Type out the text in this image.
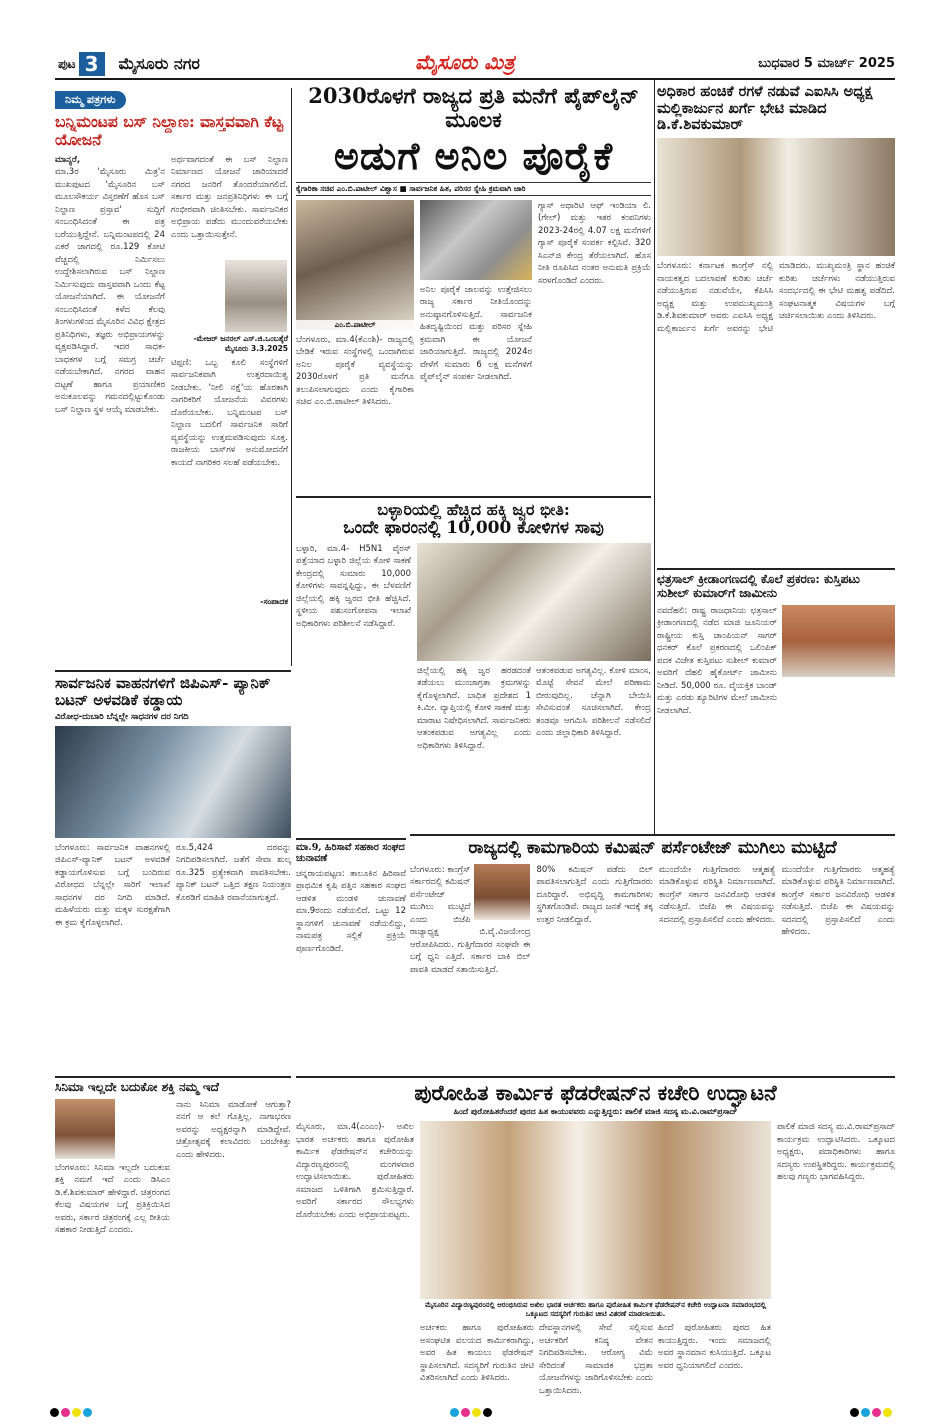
ಪುಟ 3	ಮೈಸೂರು ನಗರ	ಮೈಸೂರು ಮಿತ್ರ	ಬುಧವಾರ 5 ಮಾರ್ಚ್ 2025
ನಿಮ್ಮ ಪತ್ರಗಳು
ಬನ್ನಿಮಂಟಪ ಬಸ್ ನಿಲ್ದಾಣ: ವಾಸ್ತವವಾಗಿ ಕೆಟ್ಟ ಯೋಜನೆ
ಮಾನ್ಯರೆ,
ಮಾ.3ರ 'ಮೈಸೂರು ಮಿತ್ರ'ನ ಮುಖಪುಟದ 'ಮೈಸೂರಿನ ಬಸ್ ಮೂಲಸೌಕರ್ಯ ವಿಸ್ತರಣೆಗೆ ಹೊಸ ಬಸ್ ನಿಲ್ದಾಣ ಪ್ರಸ್ತಾವ' ಸುದ್ದಿಗೆ ಸಂಬಂಧಿಸಿದಂತೆ ಈ ಪತ್ರ ಬರೆಯುತ್ತಿದ್ದೇನೆ. ಬನ್ನಿಮಂಟಪದಲ್ಲಿ 24 ಎಕರೆ ಜಾಗದಲ್ಲಿ ರೂ.129 ಕೋಟಿ ವೆಚ್ಚದಲ್ಲಿ ನಿರ್ಮಿಸಲು ಉದ್ದೇಶಿಸಲಾಗಿರುವ ಬಸ್ ನಿಲ್ದಾಣ ನಿರ್ಮಿಸುವುದು ವಾಸ್ತವವಾಗಿ ಒಂದು ಕೆಟ್ಟ ಯೋಜನೆಯಾಗಿದೆ. ಈ ಯೋಜನೆಗೆ ಸಂಬಂಧಿಸಿದಂತೆ ಕಳೆದ ಕೆಲವು ತಿಂಗಳುಗಳಿಂದ ಮೈಸೂರಿನ ವಿವಿಧ ಕ್ಷೇತ್ರದ ಪ್ರತಿನಿಧಿಗಳು, ತಜ್ಞರು ಅಭಿಪ್ರಾಯಗಳನ್ನು ವ್ಯಕ್ತಪಡಿಸಿದ್ದಾರೆ. ಇದರ ಸಾಧಕ-ಬಾಧಕಗಳ ಬಗ್ಗೆ ಸಮಗ್ರ ಚರ್ಚೆ ನಡೆಯಬೇಕಾಗಿದೆ. ನಗರದ ವಾಹನ ದಟ್ಟಣೆ ಹಾಗೂ ಪ್ರಯಾಣಿಕರ ಅನುಕೂಲವನ್ನು ಗಮನದಲ್ಲಿಟ್ಟುಕೊಂಡು ಬಸ್ ನಿಲ್ದಾಣ ಸ್ಥಳ ಆಯ್ಕೆ ಮಾಡಬೇಕು.
ಅರ್ಥವಾಗದಂತೆ ಈ ಬಸ್ ನಿಲ್ದಾಣ ನಿರ್ಮಾಣದ ಯೋಜನೆ ಜಾರಿಯಾದರೆ ನಗರದ ಜನರಿಗೆ ತೊಂದರೆಯಾಗಲಿದೆ. ಸರ್ಕಾರ ಮತ್ತು ಜನಪ್ರತಿನಿಧಿಗಳು ಈ ಬಗ್ಗೆ ಗಂಭೀರವಾಗಿ ಚಿಂತಿಸಬೇಕು. ಸಾರ್ವಜನಿಕರ ಅಭಿಪ್ರಾಯ ಪಡೆದು ಮುಂದುವರೆಯಬೇಕು ಎಂದು ಒತ್ತಾಯಿಸುತ್ತೇನೆ.
-ಮೇಜರ್ ಜನರಲ್ ಎಸ್.ಜಿ.ಒಂಬತ್ಕೆರೆ
ಮೈಸೂರು 3.3.2025
ಟಿಪ್ಪಣಿ: ಒಬ್ಬ ಕೂಲಿ ಸಂಸ್ಥೆಗಳಿಗೆ ಸಾರ್ವಜನಿಕವಾಗಿ ಉತ್ತರದಾಯಿತ್ವ ನೀಡಬೇಕು. 'ನೀಲಿ ನಕ್ಷೆ'ಯ ಹೊರತಾಗಿ ನಾಗರಿಕರಿಗೆ ಯೋಜನೆಯ ವಿವರಗಳು ದೊರೆಯಬೇಕು. ಬನ್ನಿಮಂಟಪ ಬಸ್ ನಿಲ್ದಾಣ ಬದಲಿಗೆ ಸಾರ್ವಜನಿಕ ಸಾರಿಗೆ ವ್ಯವಸ್ಥೆಯನ್ನು ಉತ್ತಮಪಡಿಸುವುದು ಸೂಕ್ತ. ರಾಜಕೀಯ ಬಾಸ್‌ಗಳ ಅನುಮೋದನೆಗೆ ಕಾಯದೆ ನಾಗರಿಕರ ಸಲಹೆ ಪಡೆಯಬೇಕು.
-ಸಂಪಾದಕ
2030ರೊಳಗೆ ರಾಜ್ಯದ ಪ್ರತಿ ಮನೆಗೆ ಪೈಪ್‌ಲೈನ್ ಮೂಲಕ
ಅಡುಗೆ ಅನಿಲ ಪೂರೈಕೆ
ಕೈಗಾರಿಕಾ ಸಚಿವ ಎಂ.ಬಿ.ಪಾಟೀಲ್ ವಿಶ್ವಾಸ ■ ಸಾರ್ವಜನಿಕ ಹಿತ, ಪರಿಸರ ಸ್ನೇಹಿ ಕ್ರಮವಾಗಿ ಜಾರಿ
ಎಂ.ಬಿ.ಪಾಟೀಲ್
ಬೆಂಗಳೂರು, ಮಾ.4(ಕೆಎಂಶಿ)- ರಾಜ್ಯದಲ್ಲಿ ಬೇಡಿಕೆ ಇರುವ ಸಂಸ್ಥೆಗಳಲ್ಲಿ ಒಂದಾಗಿರುವ ಅನಿಲ ಪೂರೈಕೆ ವ್ಯವಸ್ಥೆಯನ್ನು 2030ರೊಳಗೆ ಪ್ರತಿ ಮನೆಗೂ ತಲುಪಿಸಲಾಗುವುದು ಎಂದು ಕೈಗಾರಿಕಾ ಸಚಿವ ಎಂ.ಬಿ.ಪಾಟೀಲ್ ತಿಳಿಸಿದರು.
ಅನಿಲ ಪೂರೈಕೆ ಜಾಲವನ್ನು ಉತ್ತೇಜಿಸಲು ರಾಜ್ಯ ಸರ್ಕಾರ ನೀತಿಯೊಂದನ್ನು ಅನುಷ್ಠಾನಗೊಳಿಸುತ್ತಿದೆ. ಸಾರ್ವಜನಿಕ ಹಿತದೃಷ್ಟಿಯಿಂದ ಮತ್ತು ಪರಿಸರ ಸ್ನೇಹಿ ಕ್ರಮವಾಗಿ ಈ ಯೋಜನೆ ಜಾರಿಯಾಗುತ್ತಿದೆ. ರಾಜ್ಯದಲ್ಲಿ 2024ರ ವೇಳೆಗೆ ಸುಮಾರು 6 ಲಕ್ಷ ಮನೆಗಳಿಗೆ ಪೈಪ್‌ಲೈನ್ ಸಂಪರ್ಕ ನೀಡಲಾಗಿದೆ.
ಗ್ಯಾಸ್ ಅಥಾರಿಟಿ ಆಫ್ ಇಂಡಿಯಾ ಲಿ. (ಗೇಲ್) ಮತ್ತು ಇತರ ಕಂಪನಿಗಳು 2023-24ರಲ್ಲಿ 4.07 ಲಕ್ಷ ಮನೆಗಳಿಗೆ ಗ್ಯಾಸ್ ಪೂರೈಕೆ ಸಂಪರ್ಕ ಕಲ್ಪಿಸಿವೆ. 320 ಸಿಎನ್‌ಜಿ ಕೇಂದ್ರ ತೆರೆಯಲಾಗಿದೆ. ಹೊಸ ನೀತಿ ರೂಪಿಸಿದ ನಂತರ ಅನುಮತಿ ಪ್ರಕ್ರಿಯೆ ಸರಳಗೊಂಡಿದೆ ಎಂದರು.
ಅಧಿಕಾರ ಹಂಚಿಕೆ ರಗಳೆ ನಡುವೆ ಎಐಸಿಸಿ ಅಧ್ಯಕ್ಷ ಮಲ್ಲಿಕಾರ್ಜುನ ಖರ್ಗೆ ಭೇಟಿ ಮಾಡಿದ ಡಿ.ಕೆ.ಶಿವಕುಮಾರ್
ಬೆಂಗಳೂರು: ಕರ್ನಾಟಕ ಕಾಂಗ್ರೆಸ್ ನಲ್ಲಿ ನಾಯಕತ್ವದ ಬದಲಾವಣೆ ಕುರಿತು ಚರ್ಚೆ ನಡೆಯುತ್ತಿರುವ ನಡುವೆಯೇ, ಕೆಪಿಸಿಸಿ ಅಧ್ಯಕ್ಷ ಮತ್ತು ಉಪಮುಖ್ಯಮಂತ್ರಿ ಡಿ.ಕೆ.ಶಿವಕುಮಾರ್ ಅವರು ಎಐಸಿಸಿ ಅಧ್ಯಕ್ಷ ಮಲ್ಲಿಕಾರ್ಜುನ ಖರ್ಗೆ ಅವರನ್ನು ಭೇಟಿ ಮಾಡಿದರು. ಮುಖ್ಯಮಂತ್ರಿ ಸ್ಥಾನ ಹಂಚಿಕೆ ಕುರಿತು ಚರ್ಚೆಗಳು ನಡೆಯುತ್ತಿರುವ ಸಂದರ್ಭದಲ್ಲಿ ಈ ಭೇಟಿ ಮಹತ್ವ ಪಡೆದಿದೆ. ಸಂಘಟನಾತ್ಮಕ ವಿಷಯಗಳ ಬಗ್ಗೆ ಚರ್ಚಿಸಲಾಯಿತು ಎಂದು ತಿಳಿಸಿದರು.
ಛತ್ರಸಾಲ್ ಕ್ರೀಡಾಂಗಣದಲ್ಲಿ ಕೊಲೆ ಪ್ರಕರಣ: ಕುಸ್ತಿಪಟು ಸುಶೀಲ್ ಕುಮಾರ್‌ಗೆ ಜಾಮೀನು
ನವದೆಹಲಿ: ರಾಷ್ಟ್ರ ರಾಜಧಾನಿಯ ಛತ್ರಸಾಲ್ ಕ್ರೀಡಾಂಗಣದಲ್ಲಿ ನಡೆದ ಮಾಜಿ ಜೂನಿಯರ್ ರಾಷ್ಟ್ರೀಯ ಕುಸ್ತಿ ಚಾಂಪಿಯನ್ ಸಾಗರ್ ಧನಕರ್ ಕೊಲೆ ಪ್ರಕರಣದಲ್ಲಿ ಒಲಿಂಪಿಕ್ ಪದಕ ವಿಜೇತ ಕುಸ್ತಿಪಟು ಸುಶೀಲ್ ಕುಮಾರ್ ಅವರಿಗೆ ದೆಹಲಿ ಹೈಕೋರ್ಟ್ ಜಾಮೀನು ನೀಡಿದೆ. 50,000 ರೂ. ವೈಯಕ್ತಿಕ ಬಾಂಡ್ ಮತ್ತು ಎರಡು ಶ್ಯೂರಿಟಿಗಳ ಮೇಲೆ ಜಾಮೀನು ನೀಡಲಾಗಿದೆ.
ಬಳ್ಳಾರಿಯಲ್ಲಿ ಹೆಚ್ಚಿದ ಹಕ್ಕಿ ಜ್ವರ ಭೀತಿ:
ಒಂದೇ ಫಾರಂನಲ್ಲಿ 10,000 ಕೋಳಿಗಳ ಸಾವು
ಬಳ್ಳಾರಿ, ಮಾ.4- H5N1 ವೈರಸ್ ಪತ್ತೆಯಾದ ಬಳ್ಳಾರಿ ಜಿಲ್ಲೆಯ ಕೋಳಿ ಸಾಕಣೆ ಕೇಂದ್ರದಲ್ಲಿ ಸುಮಾರು 10,000 ಕೋಳಿಗಳು ಸಾವನ್ನಪ್ಪಿದ್ದು, ಈ ಬೆಳವಣಿಗೆ ಜಿಲ್ಲೆಯಲ್ಲಿ ಹಕ್ಕಿ ಜ್ವರದ ಭೀತಿ ಹೆಚ್ಚಿಸಿದೆ. ಸ್ಥಳೀಯ ಪಶುಸಂಗೋಪನಾ ಇಲಾಖೆ ಅಧಿಕಾರಿಗಳು ಪರಿಶೀಲನೆ ನಡೆಸಿದ್ದಾರೆ.
ಜಿಲ್ಲೆಯಲ್ಲಿ ಹಕ್ಕಿ ಜ್ವರ ಹರಡದಂತೆ ತಡೆಯಲು ಮುಂಜಾಗ್ರತಾ ಕ್ರಮಗಳನ್ನು ಕೈಗೊಳ್ಳಲಾಗಿದೆ. ಬಾಧಿತ ಪ್ರದೇಶದ 1 ಕಿ.ಮೀ. ವ್ಯಾಪ್ತಿಯಲ್ಲಿ ಕೋಳಿ ಸಾಕಣೆ ಮತ್ತು ಮಾರಾಟ ನಿಷೇಧಿಸಲಾಗಿದೆ. ಸಾರ್ವಜನಿಕರು ಆತಂಕಪಡುವ ಅಗತ್ಯವಿಲ್ಲ ಎಂದು ಅಧಿಕಾರಿಗಳು ತಿಳಿಸಿದ್ದಾರೆ.
ಆತಂಕಪಡುವ ಅಗತ್ಯವಿಲ್ಲ. ಕೋಳಿ ಮಾಂಸ, ಮೊಟ್ಟೆ ಸೇವನೆ ಮೇಲೆ ಪರಿಣಾಮ ಬೀರುವುದಿಲ್ಲ. ಚೆನ್ನಾಗಿ ಬೇಯಿಸಿ ಸೇವಿಸುವಂತೆ ಸೂಚಿಸಲಾಗಿದೆ. ಕೇಂದ್ರ ತಂಡವೂ ಆಗಮಿಸಿ ಪರಿಶೀಲನೆ ನಡೆಸಲಿದೆ ಎಂದು ಜಿಲ್ಲಾಧಿಕಾರಿ ತಿಳಿಸಿದ್ದಾರೆ.
ಸಾರ್ವಜನಿಕ ವಾಹನಗಳಿಗೆ ಜಿಪಿಎಸ್- ಪ್ಯಾನಿಕ್ ಬಟನ್ ಅಳವಡಿಕೆ ಕಡ್ಡಾಯ
ವಿರೋಧ-ದುಬಾರಿ ಬೆನ್ನಲ್ಲೇ ಸಾಧನಗಳ ದರ ನಿಗದಿ
ಬೆಂಗಳೂರು: ಸಾರ್ವಜನಿಕ ವಾಹನಗಳಲ್ಲಿ ಜಿಪಿಎಸ್-ಪ್ಯಾನಿಕ್ ಬಟನ್ ಅಳವಡಿಕೆ ಕಡ್ಡಾಯಗೊಳಿಸುವ ಬಗ್ಗೆ ಬಂದಿರುವ ವಿರೋಧದ ಬೆನ್ನಲ್ಲೇ ಸಾರಿಗೆ ಇಲಾಖೆ ಸಾಧನಗಳ ದರ ನಿಗದಿ ಮಾಡಿದೆ. ಮಹಿಳೆಯರು ಮತ್ತು ಮಕ್ಕಳ ಸುರಕ್ಷತೆಗಾಗಿ ಈ ಕ್ರಮ ಕೈಗೊಳ್ಳಲಾಗಿದೆ.
ರೂ.5,424 ದರವನ್ನು ನಿಗದಿಪಡಿಸಲಾಗಿದೆ. ಜತೆಗೆ ಸೇವಾ ಶುಲ್ಕ ರೂ.325 ಪ್ರತ್ಯೇಕವಾಗಿ ಪಾವತಿಸಬೇಕು. ಪ್ಯಾನಿಕ್ ಬಟನ್ ಒತ್ತಿದ ತಕ್ಷಣ ನಿಯಂತ್ರಣ ಕೊಠಡಿಗೆ ಮಾಹಿತಿ ರವಾನೆಯಾಗುತ್ತದೆ.
ಮಾ.9, ಹಿರಿಸಾವೆ ಸಹಕಾರ ಸಂಘದ ಚುನಾವಣೆ
ಚನ್ನರಾಯಪಟ್ಟಣ: ತಾಲೂಕಿನ ಹಿರಿಸಾವೆ ಪ್ರಾಥಮಿಕ ಕೃಷಿ ಪತ್ತಿನ ಸಹಕಾರ ಸಂಘದ ಆಡಳಿತ ಮಂಡಳಿ ಚುನಾವಣೆ ಮಾ.9ರಂದು ನಡೆಯಲಿದೆ. ಒಟ್ಟು 12 ಸ್ಥಾನಗಳಿಗೆ ಚುನಾವಣೆ ನಡೆಯಲಿದ್ದು, ನಾಮಪತ್ರ ಸಲ್ಲಿಕೆ ಪ್ರಕ್ರಿಯೆ ಪೂರ್ಣಗೊಂಡಿದೆ.
ರಾಜ್ಯದಲ್ಲಿ ಕಾಮಗಾರಿಯ ಕಮಿಷನ್ ಪರ್ಸೆಂಟೇಜ್ ಮುಗಿಲು ಮುಟ್ಟಿದೆ
ಬೆಂಗಳೂರು: ಕಾಂಗ್ರೆಸ್ ಸರ್ಕಾರದಲ್ಲಿ ಕಮಿಷನ್ ಪರ್ಸೆಂಟೇಜ್ ಮುಗಿಲು ಮುಟ್ಟಿದೆ ಎಂದು ಬಿಜೆಪಿ ರಾಜ್ಯಾಧ್ಯಕ್ಷ ಬಿ.ವೈ.ವಿಜಯೇಂದ್ರ ಆರೋಪಿಸಿದರು. ಗುತ್ತಿಗೆದಾರರ ಸಂಘವೇ ಈ ಬಗ್ಗೆ ಧ್ವನಿ ಎತ್ತಿದೆ. ಸರ್ಕಾರ ಬಾಕಿ ಬಿಲ್ ಪಾವತಿ ಮಾಡದೆ ಸತಾಯಿಸುತ್ತಿದೆ.
80% ಕಮಿಷನ್ ಪಡೆದು ಬಿಲ್ ಪಾವತಿಸಲಾಗುತ್ತಿದೆ ಎಂದು ಗುತ್ತಿಗೆದಾರರು ದೂರಿದ್ದಾರೆ. ಅಭಿವೃದ್ಧಿ ಕಾಮಗಾರಿಗಳು ಸ್ಥಗಿತಗೊಂಡಿವೆ. ರಾಜ್ಯದ ಜನತೆ ಇದಕ್ಕೆ ತಕ್ಕ ಉತ್ತರ ನೀಡಲಿದ್ದಾರೆ.
ಮುಂದೆಯೇ ಗುತ್ತಿಗೆದಾರರು ಆತ್ಮಹತ್ಯೆ ಮಾಡಿಕೊಳ್ಳುವ ಪರಿಸ್ಥಿತಿ ನಿರ್ಮಾಣವಾಗಿದೆ. ಕಾಂಗ್ರೆಸ್ ಸರ್ಕಾರ ಜನವಿರೋಧಿ ಆಡಳಿತ ನಡೆಸುತ್ತಿದೆ. ಬಿಜೆಪಿ ಈ ವಿಷಯವನ್ನು ಸದನದಲ್ಲಿ ಪ್ರಸ್ತಾಪಿಸಲಿದೆ ಎಂದು ಹೇಳಿದರು.
ಮುಂದೆಯೇ ಗುತ್ತಿಗೆದಾರರು ಆತ್ಮಹತ್ಯೆ ಮಾಡಿಕೊಳ್ಳುವ ಪರಿಸ್ಥಿತಿ ನಿರ್ಮಾಣವಾಗಿದೆ. ಕಾಂಗ್ರೆಸ್ ಸರ್ಕಾರ ಜನವಿರೋಧಿ ಆಡಳಿತ ನಡೆಸುತ್ತಿದೆ. ಬಿಜೆಪಿ ಈ ವಿಷಯವನ್ನು ಸದನದಲ್ಲಿ ಪ್ರಸ್ತಾಪಿಸಲಿದೆ ಎಂದು ಹೇಳಿದರು.
ಸಿನಿಮಾ ಇಲ್ಲದೇ ಬದುಕೋ ಶಕ್ತಿ ನಮ್ಮ ಇದೆ
ಬೆಂಗಳೂರು: ಸಿನಿಮಾ ಇಲ್ಲದೇ ಬದುಕುವ ಶಕ್ತಿ ನಮಗೆ ಇದೆ ಎಂದು ಡಿಸಿಎಂ ಡಿ.ಕೆ.ಶಿವಕುಮಾರ್ ಹೇಳಿದ್ದಾರೆ. ಚಿತ್ರರಂಗದ ಕೆಲವು ವಿಷಯಗಳ ಬಗ್ಗೆ ಪ್ರತಿಕ್ರಿಯಿಸಿದ ಅವರು, ಸರ್ಕಾರ ಚಿತ್ರರಂಗಕ್ಕೆ ಎಲ್ಲ ರೀತಿಯ ಸಹಕಾರ ನೀಡುತ್ತಿದೆ ಎಂದರು.
ನಾನು ಸಿನಿಮಾ ಮಾಡೋಕೆ ಆಗುತ್ತಾ? ನನಗೆ ಆ ಕಲೆ ಗೊತ್ತಿಲ್ಲ. ನಾಗಾಭರಣ ಅವರನ್ನು ಅಧ್ಯಕ್ಷರನ್ನಾಗಿ ಮಾಡಿದ್ದೇವೆ. ಚಿತ್ರೋತ್ಸವಕ್ಕೆ ಕಲಾವಿದರು ಬರಬೇಕಿತ್ತು ಎಂದು ಹೇಳಿದರು.
ಪುರೋಹಿತ ಕಾರ್ಮಿಕ ಫೆಡರೇಷನ್‌ನ ಕಚೇರಿ ಉದ್ಘಾಟನೆ
ಹಿಂದೆ ಪುರೋಹಿತರೆಂದರೆ ಪುರದ ಹಿತ ಕಾಯುವವರು ಎನ್ನುತ್ತಿದ್ದರು: ಪಾಲಿಕೆ ಮಾಜಿ ಸದಸ್ಯ ಮ.ವಿ.ರಾಮ್‌ಪ್ರಸಾದ್
ಮೈಸೂರು, ಮಾ.4(ಎಂಎಂ)- ಅಖಿಲ ಭಾರತ ಅರ್ಚಕರು ಹಾಗೂ ಪುರೋಹಿತ ಕಾರ್ಮಿಕ ಫೆಡರೇಷನ್‌ನ ಕಚೇರಿಯನ್ನು ವಿದ್ಯಾರಣ್ಯಪುರಂನಲ್ಲಿ ಮಂಗಳವಾರ ಉದ್ಘಾಟಿಸಲಾಯಿತು. ಪುರೋಹಿತರು ಸಮಾಜದ ಒಳಿತಿಗಾಗಿ ಶ್ರಮಿಸುತ್ತಿದ್ದಾರೆ. ಅವರಿಗೆ ಸರ್ಕಾರದ ಸೌಲಭ್ಯಗಳು ದೊರೆಯಬೇಕು ಎಂದು ಅಭಿಪ್ರಾಯಪಟ್ಟರು.
ಮೈಸೂರಿನ ವಿದ್ಯಾರಣ್ಯಪುರಂನಲ್ಲಿ ಆರಂಭಿಸಿರುವ ಅಖಿಲ ಭಾರತ ಅರ್ಚಕರು ಹಾಗೂ ಪುರೋಹಿತ ಕಾರ್ಮಿಕ ಫೆಡರೇಷನ್‌ನ ಕಚೇರಿ ಉದ್ಘಾಟನಾ ಸಮಾರಂಭದಲ್ಲಿ ಒಕ್ಕೂಟದ ಸದಸ್ಯರಿಗೆ ಗುರುತಿನ ಚೀಟಿ ವಿತರಣೆ ಮಾಡಲಾಯಿತು.
ಅರ್ಚಕರು ಹಾಗೂ ಪುರೋಹಿತರು ಅಸಂಘಟಿತ ವಲಯದ ಕಾರ್ಮಿಕರಾಗಿದ್ದು, ಅವರ ಹಿತ ಕಾಯಲು ಫೆಡರೇಷನ್ ಸ್ಥಾಪಿಸಲಾಗಿದೆ. ಸದಸ್ಯರಿಗೆ ಗುರುತಿನ ಚೀಟಿ ವಿತರಿಸಲಾಗಿದೆ ಎಂದು ತಿಳಿಸಿದರು.
ದೇವಸ್ಥಾನಗಳಲ್ಲಿ ಸೇವೆ ಸಲ್ಲಿಸುವ ಅರ್ಚಕರಿಗೆ ಕನಿಷ್ಠ ವೇತನ ನಿಗದಿಪಡಿಸಬೇಕು. ಆರೋಗ್ಯ ವಿಮೆ ಸೇರಿದಂತೆ ಸಾಮಾಜಿಕ ಭದ್ರತಾ ಯೋಜನೆಗಳನ್ನು ಜಾರಿಗೊಳಿಸಬೇಕು ಎಂದು ಒತ್ತಾಯಿಸಿದರು.
ಹಿಂದೆ ಪುರೋಹಿತರು ಪುರದ ಹಿತ ಕಾಯುತ್ತಿದ್ದರು. ಇಂದು ಸಮಾಜದಲ್ಲಿ ಅವರ ಸ್ಥಾನಮಾನ ಕುಸಿಯುತ್ತಿದೆ. ಒಕ್ಕೂಟ ಅವರ ಧ್ವನಿಯಾಗಲಿದೆ ಎಂದರು.
ಪಾಲಿಕೆ ಮಾಜಿ ಸದಸ್ಯ ಮ.ವಿ.ರಾಮ್‌ಪ್ರಸಾದ್ ಕಾರ್ಯಕ್ರಮ ಉದ್ಘಾಟಿಸಿದರು. ಒಕ್ಕೂಟದ ಅಧ್ಯಕ್ಷರು, ಪದಾಧಿಕಾರಿಗಳು ಹಾಗೂ ಸದಸ್ಯರು ಉಪಸ್ಥಿತರಿದ್ದರು. ಕಾರ್ಯಕ್ರಮದಲ್ಲಿ ಹಲವು ಗಣ್ಯರು ಭಾಗವಹಿಸಿದ್ದರು.
